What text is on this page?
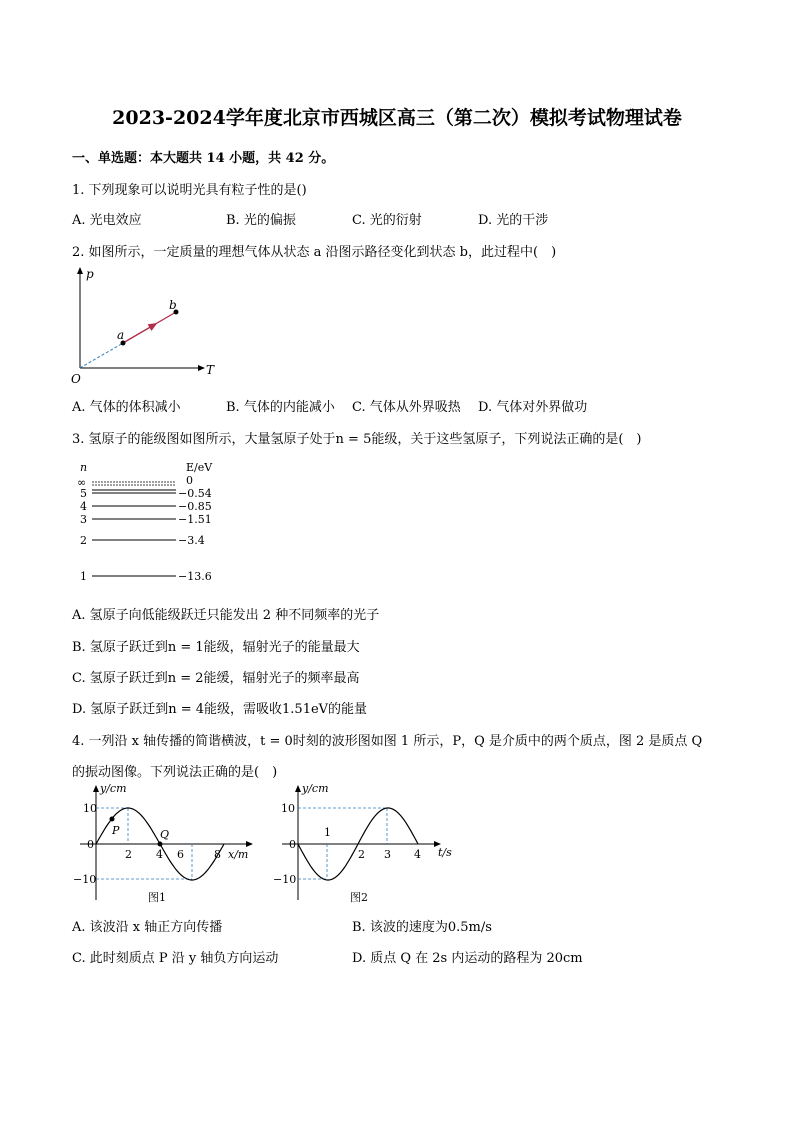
2023-2024学年度北京市西城区高三（第二次）模拟考试物理试卷
一、单选题：本大题共 14 小题，共 42 分。
1. 下列现象可以说明光具有粒子性的是()
A. 光电效应	B. 光的偏振	C. 光的衍射	D. 光的干涉
2. 如图所示，一定质量的理想气体从状态 a 沿图示路径变化到状态 b，此过程中(　)
p
T
O
a
b
A. 气体的体积减小	B. 气体的内能减小 C. 气体从外界吸热 D. 气体对外界做功
3. 氢原子的能级图如图所示，大量氢原子处于n = 5能级，关于这些氢原子，下列说法正确的是(　)
n	E/eV
∞	0
5	−0.54
4	−0.85
3	−1.51
2	−3.4
1	−13.6
A. 氢原子向低能级跃迁只能发出 2 种不同频率的光子
B. 氢原子跃迁到n = 1能级，辐射光子的能量最大
C. 氢原子跃迁到n = 2能缓，辐射光子的频率最高
D. 氢原子跃迁到n = 4能级，需吸收1.51eV的能量
4. 一列沿 x 轴传播的简谐横波，t = 0时刻的波形图如图 1 所示，P，Q 是介质中的两个质点，图 2 是质点 Q
的振动图像。下列说法正确的是(　)
y/cm
x/m
10
−10
0
2 4 6	8
P	Q
图1
y/cm
t/s
10
−10
0
1
2 3 4
图2
A. 该波沿 x 轴正方向传播	B. 该波的速度为0.5m/s
C. 此时刻质点 P 沿 y 轴负方向运动	D. 质点 Q 在 2s 内运动的路程为 20cm
